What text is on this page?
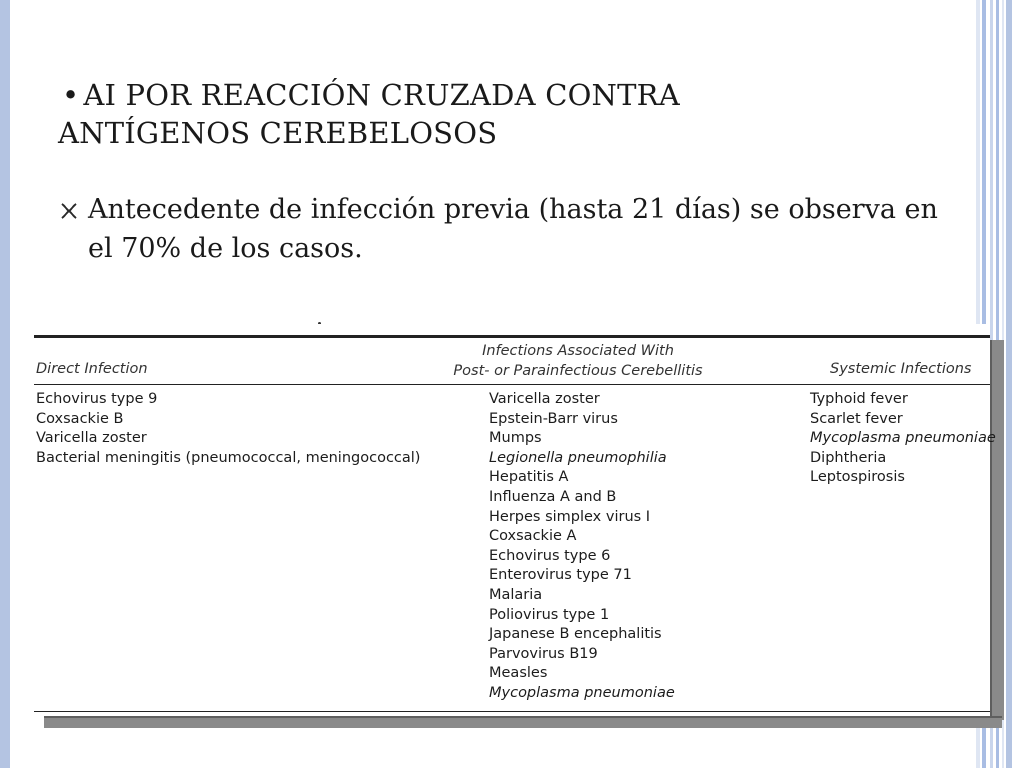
• AI POR REACCIÓN CRUZADA CONTRA
ANTÍGENOS CEREBELOSOS
Antecedente de infección previa (hasta 21 días) se observa en el 70% de los casos.
Direct Infection
Infections Associated With
Post- or Parainfectious Cerebellitis	Systemic Infections
Echovirus type 9
Coxsackie B
Varicella zoster
Bacterial meningitis (pneumococcal, meningococcal)
Varicella zoster
Epstein-Barr virus
Mumps
Legionella pneumophilia
Hepatitis A
Influenza A and B
Herpes simplex virus I
Coxsackie A
Echovirus type 6
Enterovirus type 71
Malaria
Poliovirus type 1
Japanese B encephalitis
Parvovirus B19
Measles
Mycoplasma pneumoniae
Typhoid fever
Scarlet fever
Mycoplasma pneumoniae
Diphtheria
Leptospirosis
